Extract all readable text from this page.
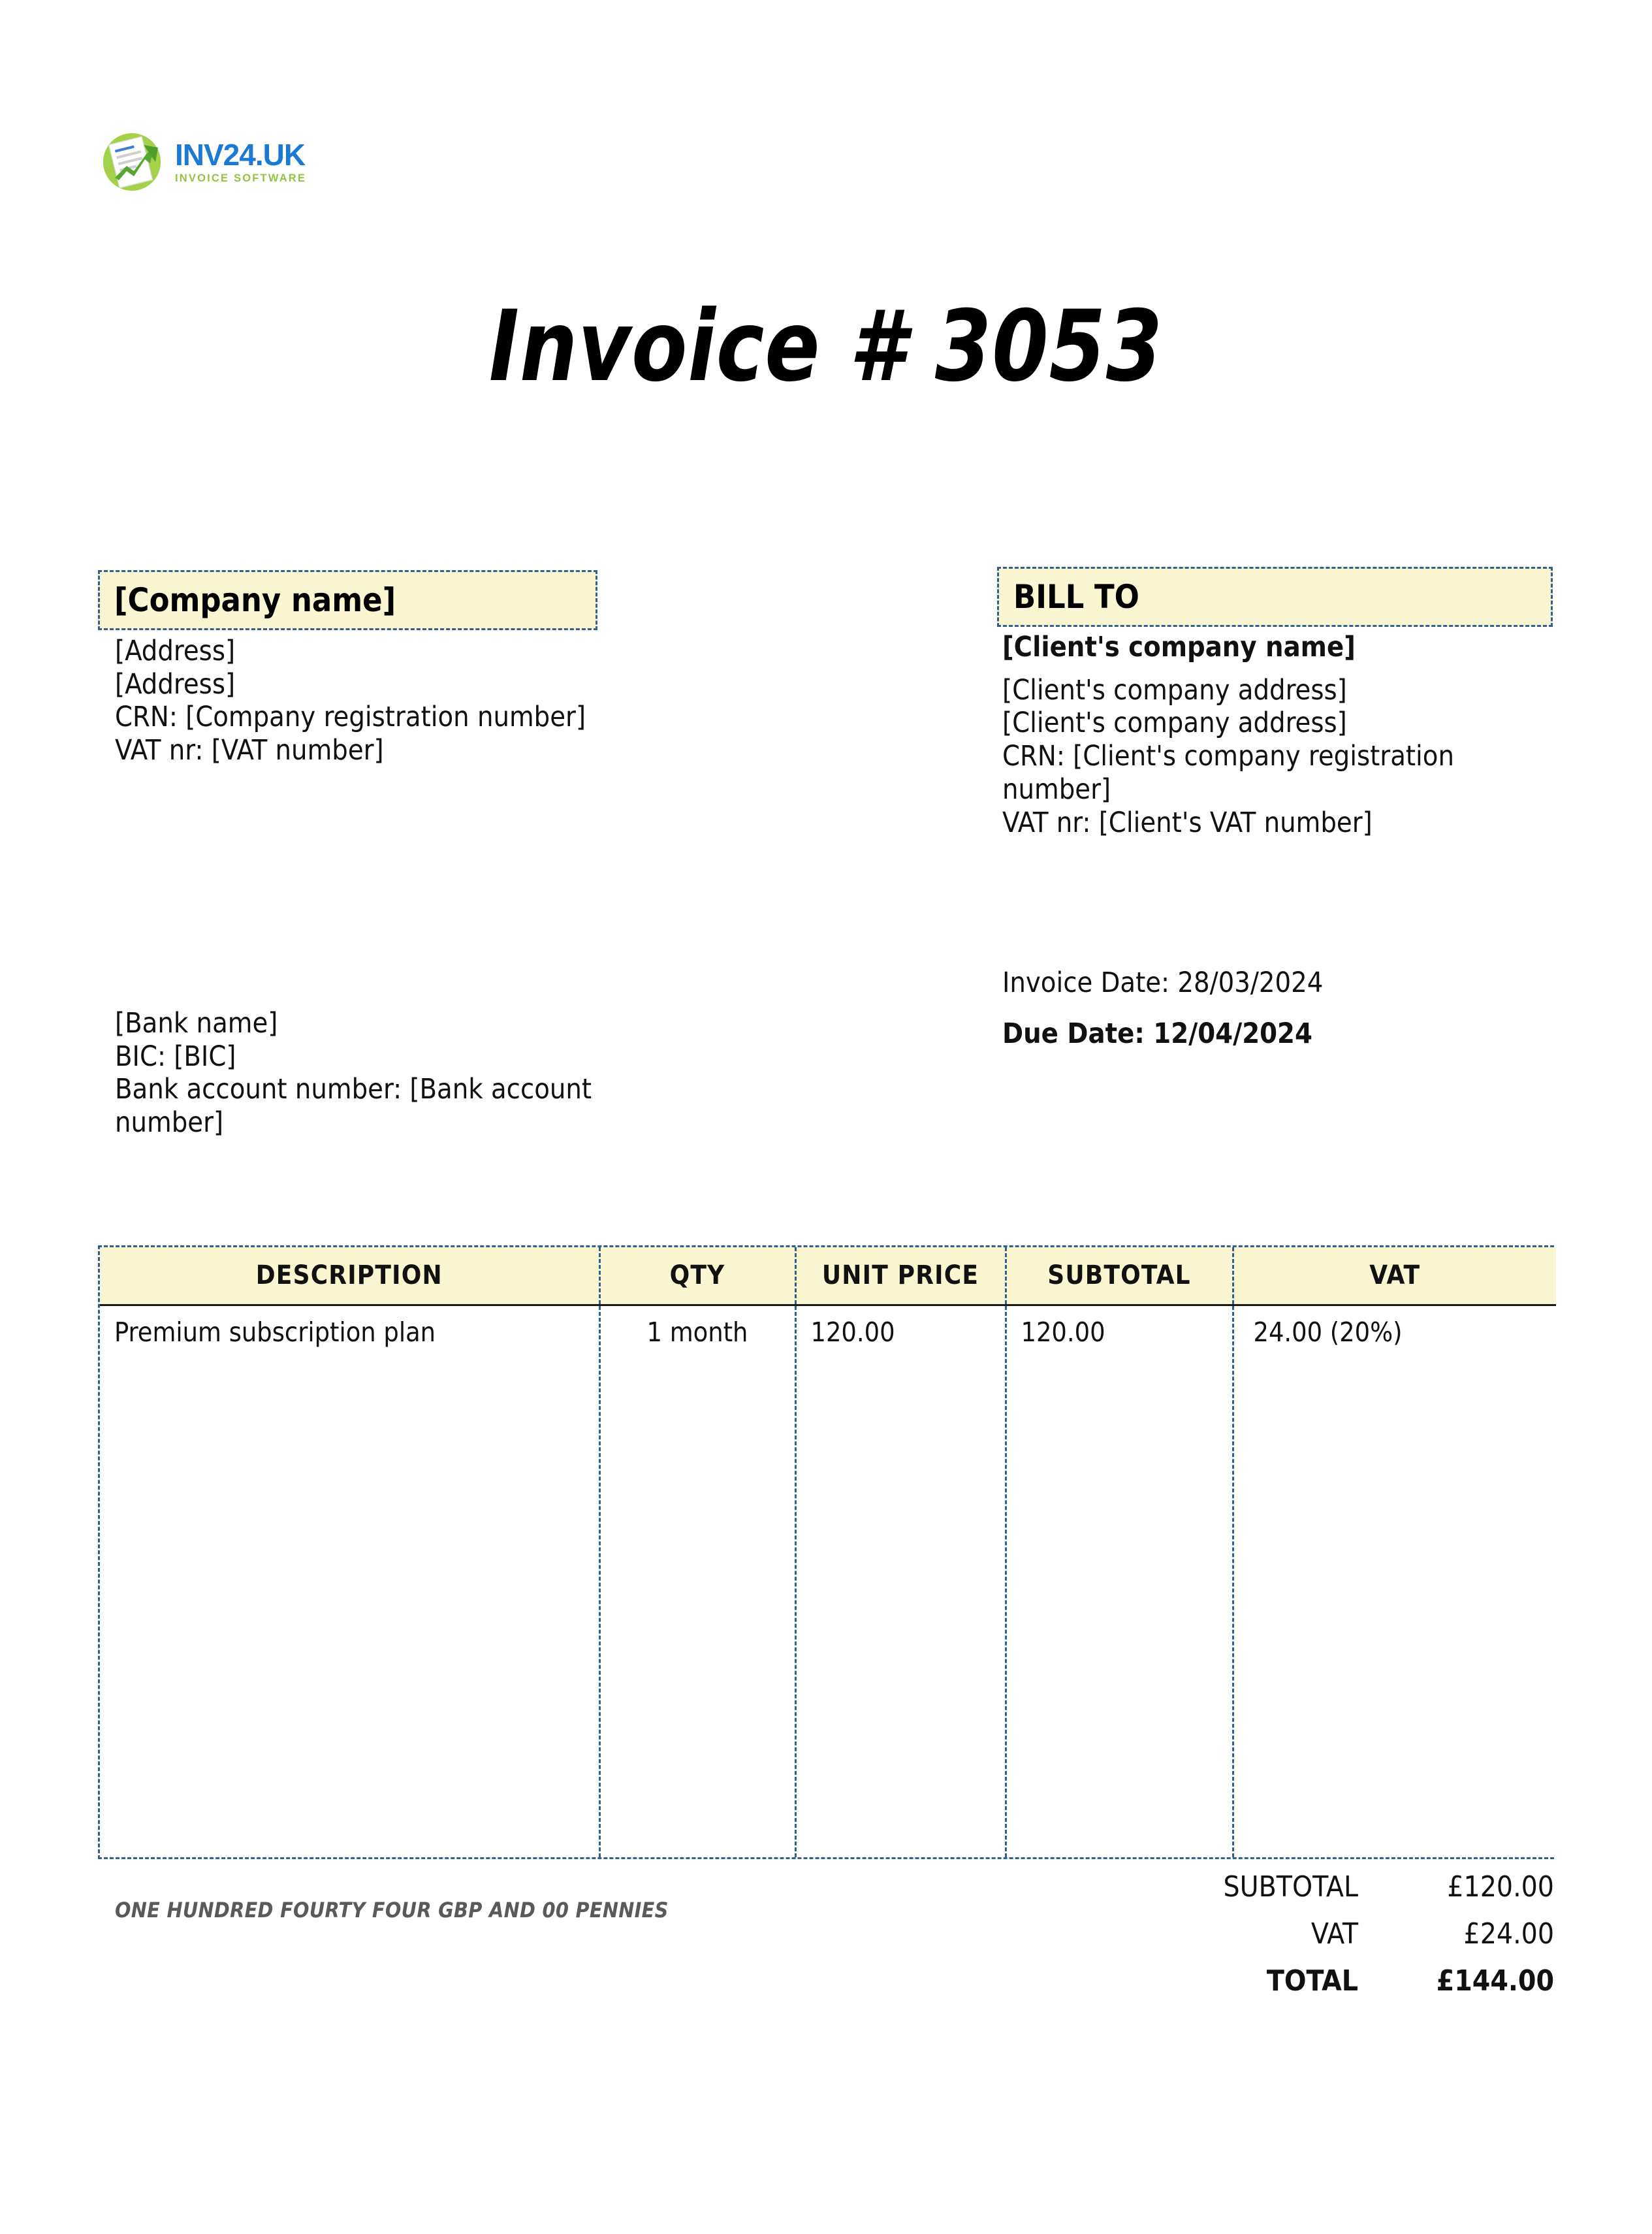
INV24.UK
INVOICE SOFTWARE
Invoice # 3053
[Company name]
[Address]
[Address]
CRN: [Company registration number]
VAT nr: [VAT number]
BILL TO
[Client's company name]
[Client's company address]
[Client's company address]
CRN: [Client's company registration number]
VAT nr: [Client's VAT number]
Invoice Date: 28/03/2024
Due Date: 12/04/2024
[Bank name]
BIC: [BIC]
Bank account number: [Bank account number]
DESCRIPTION	QTY	UNIT PRICE	SUBTOTAL	VAT
Premium subscription plan	1 month	120.00	120.00	24.00 (20%)
ONE HUNDRED FOURTY FOUR GBP AND 00 PENNIES
SUBTOTAL	£120.00
VAT	£24.00
TOTAL	£144.00
